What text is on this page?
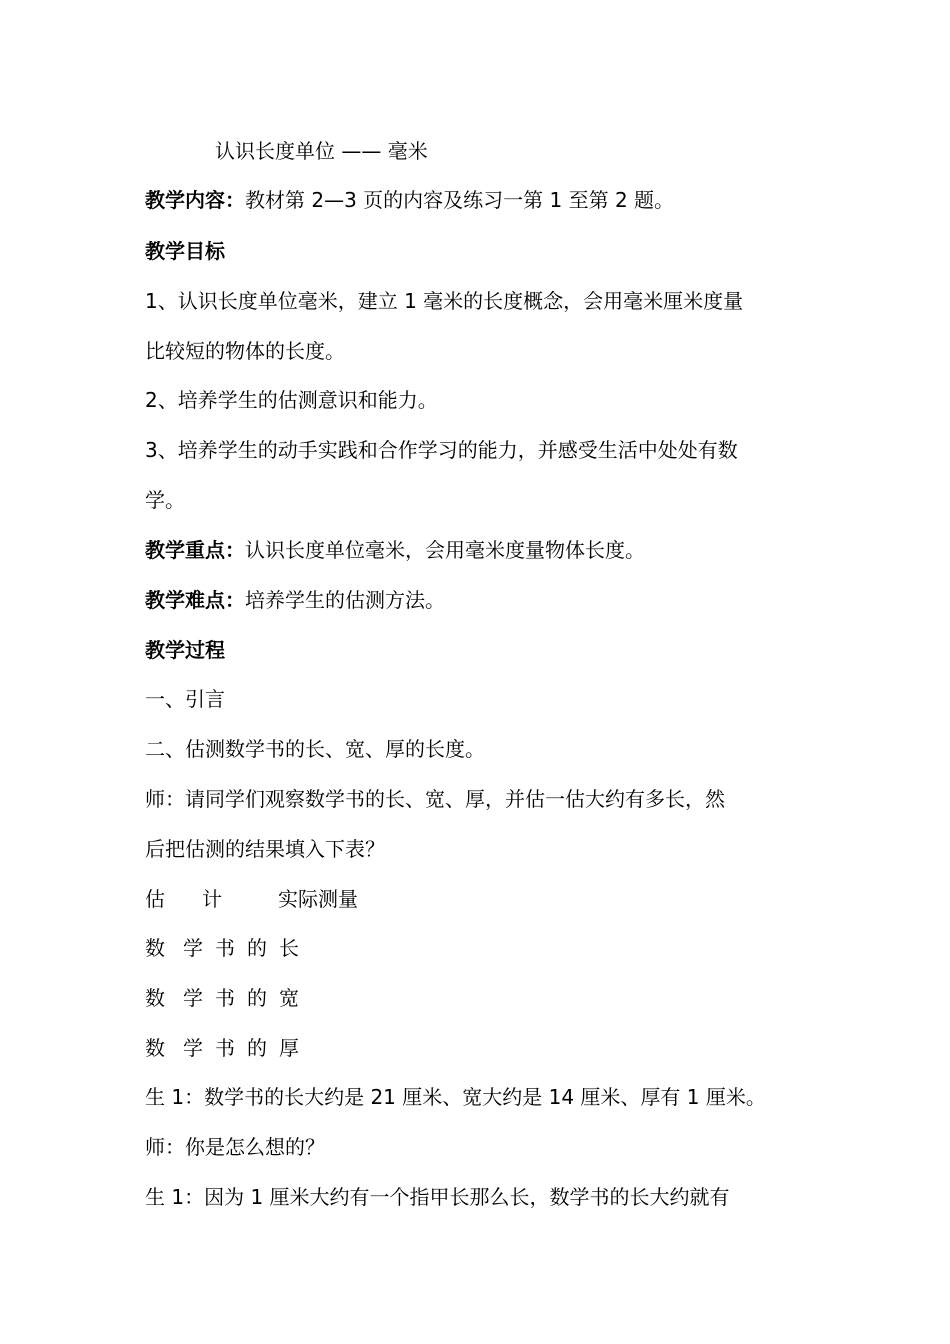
认识长度单位 —— 毫米
教学内容：教材第 2—3 页的内容及练习一第 1 至第 2 题。
教学目标
1、认识长度单位毫米，建立 1 毫米的长度概念，会用毫米厘米度量
比较短的物体的长度。
2、培养学生的估测意识和能力。
3、培养学生的动手实践和合作学习的能力，并感受生活中处处有数
学。
教学重点：认识长度单位毫米，会用毫米度量物体长度。
教学难点：培养学生的估测方法。
教学过程
一、引言
二、估测数学书的长、宽、厚的长度。
师：请同学们观察数学书的长、宽、厚，并估一估大约有多长，然
后把估测的结果填入下表？
估 计	实际测量
数 学 书 的 长
数 学 书 的 宽
数 学 书 的 厚
生 1：数学书的长大约是 21 厘米、宽大约是 14 厘米、厚有 1 厘米。
师：你是怎么想的？
生 1：因为 1 厘米大约有一个指甲长那么长，数学书的长大约就有
